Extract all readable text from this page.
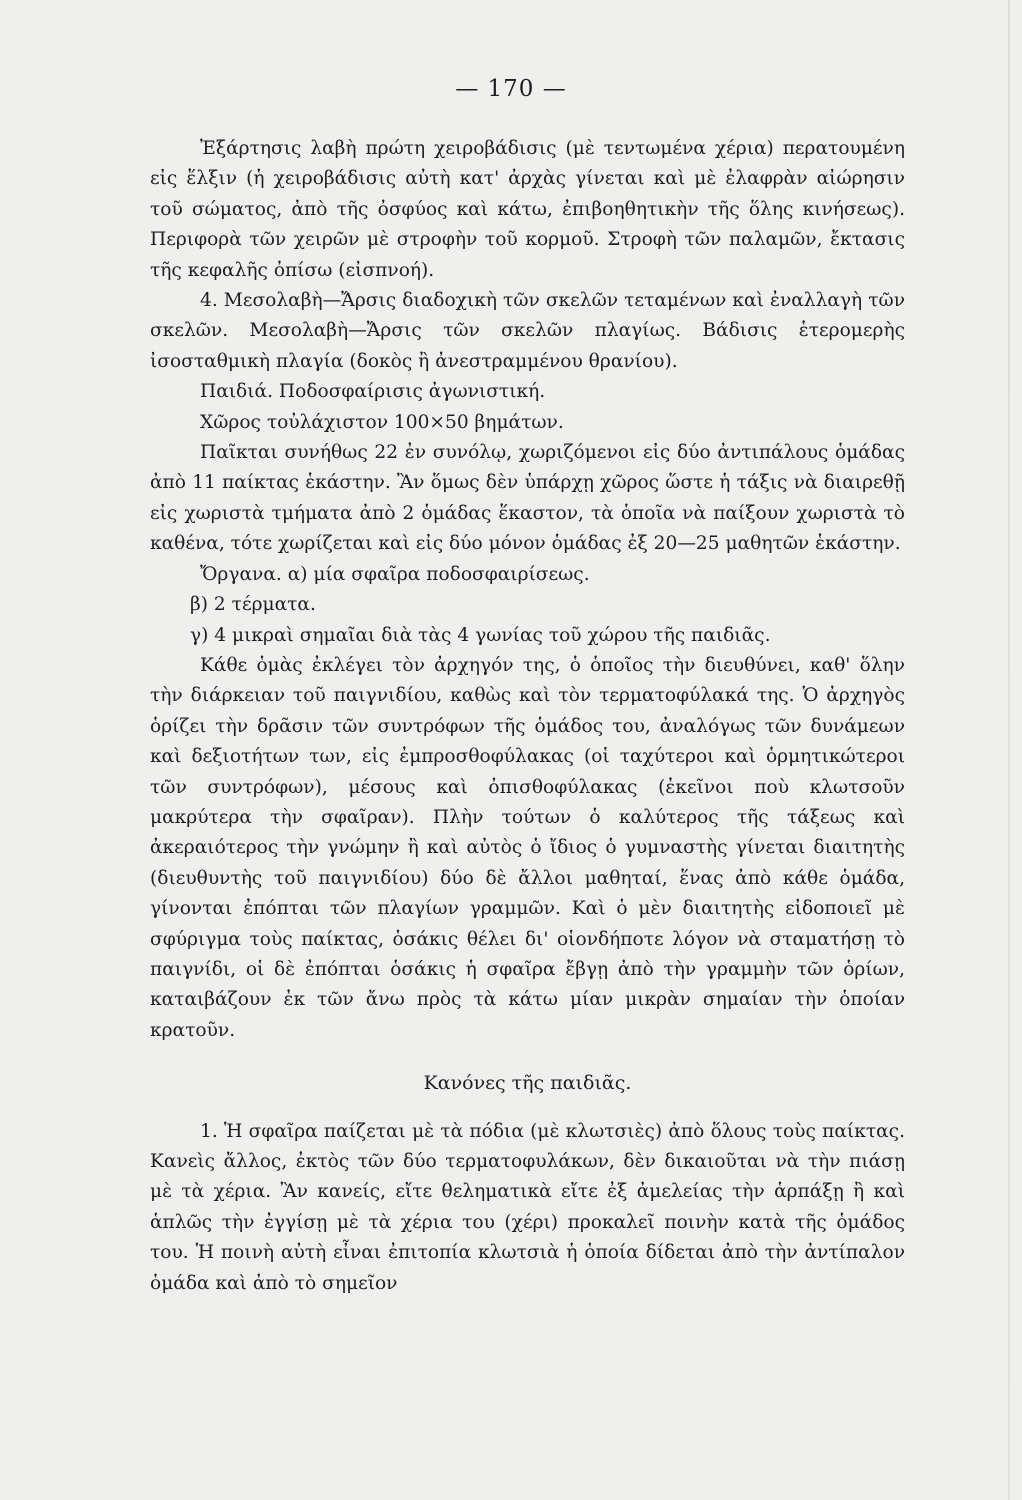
— 170 —

Ἐξάρτησις λαβὴ πρώτη χειροβάδισις (μὲ τεντωμένα χέρια) περατουμένη εἰς ἕλξιν (ἡ χειροβάδισις αὐτὴ κατ' ἀρχὰς γίνεται καὶ μὲ ἐλαφρὰν αἰώρησιν τοῦ σώματος, ἀπὸ τῆς ὀσφύος καὶ κάτω, ἐπιβοηθητικὴν τῆς ὅλης κινήσεως). Περιφορὰ τῶν χειρῶν μὲ στροφὴν τοῦ κορμοῦ. Στροφὴ τῶν παλαμῶν, ἔκτασις τῆς κεφαλῆς ὀπίσω (εἰσπνοή).

4. Μεσολαβὴ—Ἄρσις διαδοχικὴ τῶν σκελῶν τεταμένων καὶ ἐναλλαγὴ τῶν σκελῶν. Μεσολαβὴ—Ἄρσις τῶν σκελῶν πλαγίως. Βάδισις ἑτερομερὴς ἰσοσταθμικὴ πλαγία (δοκὸς ἢ ἀνεστραμμένου θρανίου).

Παιδιά. Ποδοσφαίρισις ἀγωνιστική.

Χῶρος τοὐλάχιστον 100×50 βημάτων.

Παῖκται συνήθως 22 ἐν συνόλῳ, χωριζόμενοι εἰς δύο ἀντιπάλους ὁμάδας ἀπὸ 11 παίκτας ἑκάστην. Ἂν ὅμως δὲν ὑπάρχῃ χῶρος ὥστε ἡ τάξις νὰ διαιρεθῇ εἰς χωριστὰ τμήματα ἀπὸ 2 ὁμάδας ἕκαστον, τὰ ὁποῖα νὰ παίξουν χωριστὰ τὸ καθένα, τότε χωρίζεται καὶ εἰς δύο μόνον ὁμάδας ἐξ 20—25 μαθητῶν ἑκάστην.

Ὄργανα. α) μία σφαῖρα ποδοσφαιρίσεως.

β) 2 τέρματα.

γ) 4 μικραὶ σημαῖαι διὰ τὰς 4 γωνίας τοῦ χώρου τῆς παιδιᾶς.

Κάθε ὁμὰς ἐκλέγει τὸν ἀρχηγόν της, ὁ ὁποῖος τὴν διευθύνει, καθ' ὅλην τὴν διάρκειαν τοῦ παιγνιδίου, καθὼς καὶ τὸν τερματοφύλακά της. Ὁ ἀρχηγὸς ὁρίζει τὴν δρᾶσιν τῶν συντρόφων τῆς ὁμάδος του, ἀναλόγως τῶν δυνάμεων καὶ δεξιοτήτων των, εἰς ἐμπροσθοφύλακας (οἱ ταχύτεροι καὶ ὁρμητικώτεροι τῶν συντρόφων), μέσους καὶ ὀπισθοφύλακας (ἐκεῖνοι ποὺ κλωτσοῦν μακρύτερα τὴν σφαῖραν). Πλὴν τούτων ὁ καλύτερος τῆς τάξεως καὶ ἀκεραιότερος τὴν γνώμην ἢ καὶ αὐτὸς ὁ ἴδιος ὁ γυμναστὴς γίνεται διαιτητὴς (διευθυντὴς τοῦ παιγνιδίου) δύο δὲ ἄλλοι μαθηταί, ἕνας ἀπὸ κάθε ὁμάδα, γίνονται ἐπόπται τῶν πλαγίων γραμμῶν. Καὶ ὁ μὲν διαιτητὴς εἰδοποιεῖ μὲ σφύριγμα τοὺς παίκτας, ὁσάκις θέλει δι' οἱονδήποτε λόγον νὰ σταματήσῃ τὸ παιγνίδι, οἱ δὲ ἐπόπται ὁσάκις ἡ σφαῖρα ἔβγῃ ἀπὸ τὴν γραμμὴν τῶν ὁρίων, καταιβάζουν ἐκ τῶν ἄνω πρὸς τὰ κάτω μίαν μικρὰν σημαίαν τὴν ὁποίαν κρατοῦν.

Κανόνες τῆς παιδιᾶς.

1. Ἡ σφαῖρα παίζεται μὲ τὰ πόδια (μὲ κλωτσιὲς) ἀπὸ ὅλους τοὺς παίκτας. Κανεὶς ἄλλος, ἐκτὸς τῶν δύο τερματοφυλάκων, δὲν δικαιοῦται νὰ τὴν πιάσῃ μὲ τὰ χέρια. Ἂν κανείς, εἴτε θεληματικὰ εἴτε ἐξ ἀμελείας τὴν ἁρπάξῃ ἢ καὶ ἁπλῶς τὴν ἐγγίσῃ μὲ τὰ χέρια του (χέρι) προκαλεῖ ποινὴν κατὰ τῆς ὁμάδος του. Ἡ ποινὴ αὐτὴ εἶναι ἐπιτοπία κλωτσιὰ ἡ ὁποία δίδεται ἀπὸ τὴν ἀντίπαλον ὁμάδα καὶ ἀπὸ τὸ σημεῖον
